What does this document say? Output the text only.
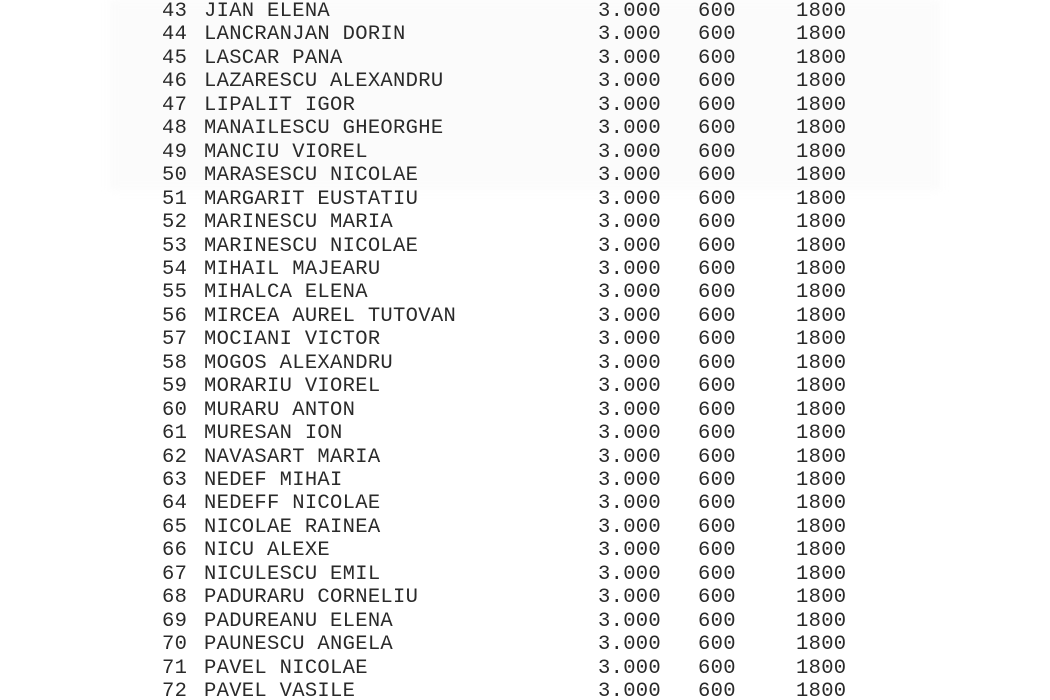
43 JIAN ELENA	3.000 600	1800
44 LANCRANJAN DORIN	3.000 600	1800
45 LASCAR PANA	3.000 600	1800
46 LAZARESCU ALEXANDRU	3.000 600	1800
47 LIPALIT IGOR	3.000 600	1800
48 MANAILESCU GHEORGHE	3.000 600	1800
49 MANCIU VIOREL	3.000 600	1800
50 MARASESCU NICOLAE	3.000 600	1800
51 MARGARIT EUSTATIU	3.000 600	1800
52 MARINESCU MARIA	3.000 600	1800
53 MARINESCU NICOLAE	3.000 600	1800
54 MIHAIL MAJEARU	3.000 600	1800
55 MIHALCA ELENA	3.000 600	1800
56 MIRCEA AUREL TUTOVAN	3.000 600	1800
57 MOCIANI VICTOR	3.000 600	1800
58 MOGOS ALEXANDRU	3.000 600	1800
59 MORARIU VIOREL	3.000 600	1800
60 MURARU ANTON	3.000 600	1800
61 MURESAN ION	3.000 600	1800
62 NAVASART MARIA	3.000 600	1800
63 NEDEF MIHAI	3.000 600	1800
64 NEDEFF NICOLAE	3.000 600	1800
65 NICOLAE RAINEA	3.000 600	1800
66 NICU ALEXE	3.000 600	1800
67 NICULESCU EMIL	3.000 600	1800
68 PADURARU CORNELIU	3.000 600	1800
69 PADUREANU ELENA	3.000 600	1800
70 PAUNESCU ANGELA	3.000 600	1800
71 PAVEL NICOLAE	3.000 600	1800
72 PAVEL VASILE	3.000 600	1800
